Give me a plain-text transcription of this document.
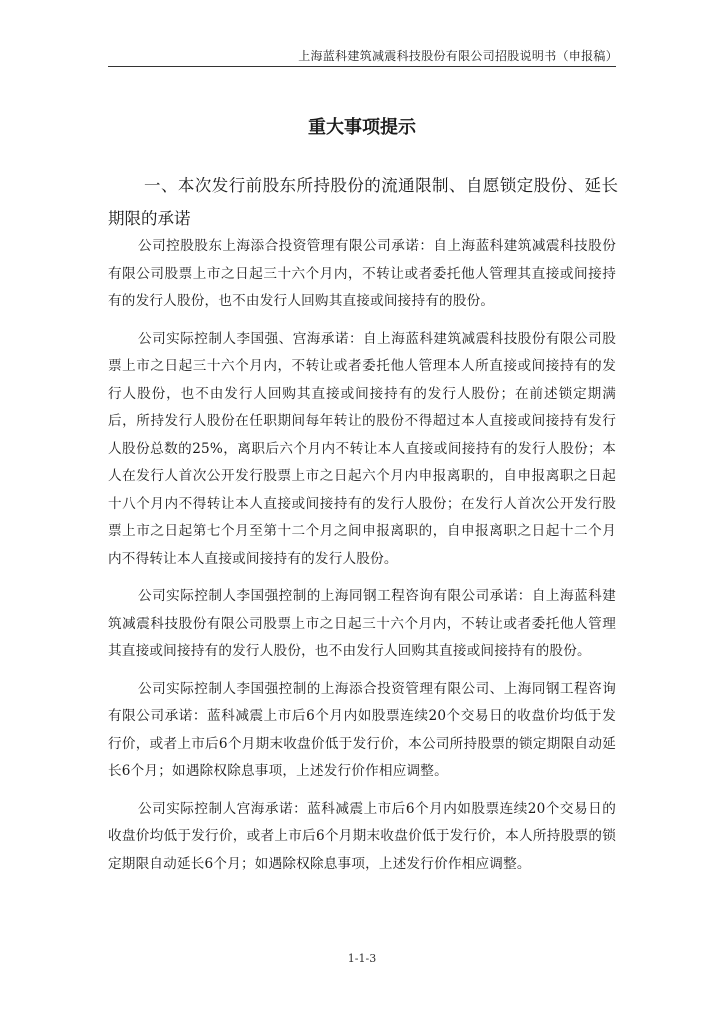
上海蓝科建筑减震科技股份有限公司招股说明书（申报稿）
重大事项提示
一、本次发行前股东所持股份的流通限制、自愿锁定股份、延长期限的承诺

公司控股股东上海添合投资管理有限公司承诺：自上海蓝科建筑减震科技股份有限公司股票上市之日起三十六个月内，不转让或者委托他人管理其直接或间接持有的发行人股份，也不由发行人回购其直接或间接持有的股份。

公司实际控制人李国强、宫海承诺：自上海蓝科建筑减震科技股份有限公司股票上市之日起三十六个月内，不转让或者委托他人管理本人所直接或间接持有的发行人股份，也不由发行人回购其直接或间接持有的发行人股份；在前述锁定期满后，所持发行人股份在任职期间每年转让的股份不得超过本人直接或间接持有发行人股份总数的25%，离职后六个月内不转让本人直接或间接持有的发行人股份；本人在发行人首次公开发行股票上市之日起六个月内申报离职的，自申报离职之日起十八个月内不得转让本人直接或间接持有的发行人股份；在发行人首次公开发行股票上市之日起第七个月至第十二个月之间申报离职的，自申报离职之日起十二个月内不得转让本人直接或间接持有的发行人股份。

公司实际控制人李国强控制的上海同钢工程咨询有限公司承诺：自上海蓝科建筑减震科技股份有限公司股票上市之日起三十六个月内，不转让或者委托他人管理其直接或间接持有的发行人股份，也不由发行人回购其直接或间接持有的股份。

公司实际控制人李国强控制的上海添合投资管理有限公司、上海同钢工程咨询有限公司承诺：蓝科减震上市后6个月内如股票连续20个交易日的收盘价均低于发行价，或者上市后6个月期末收盘价低于发行价，本公司所持股票的锁定期限自动延长6个月；如遇除权除息事项，上述发行价作相应调整。

公司实际控制人宫海承诺：蓝科减震上市后6个月内如股票连续20个交易日的收盘价均低于发行价，或者上市后6个月期末收盘价低于发行价，本人所持股票的锁定期限自动延长6个月；如遇除权除息事项，上述发行价作相应调整。

1-1-3
